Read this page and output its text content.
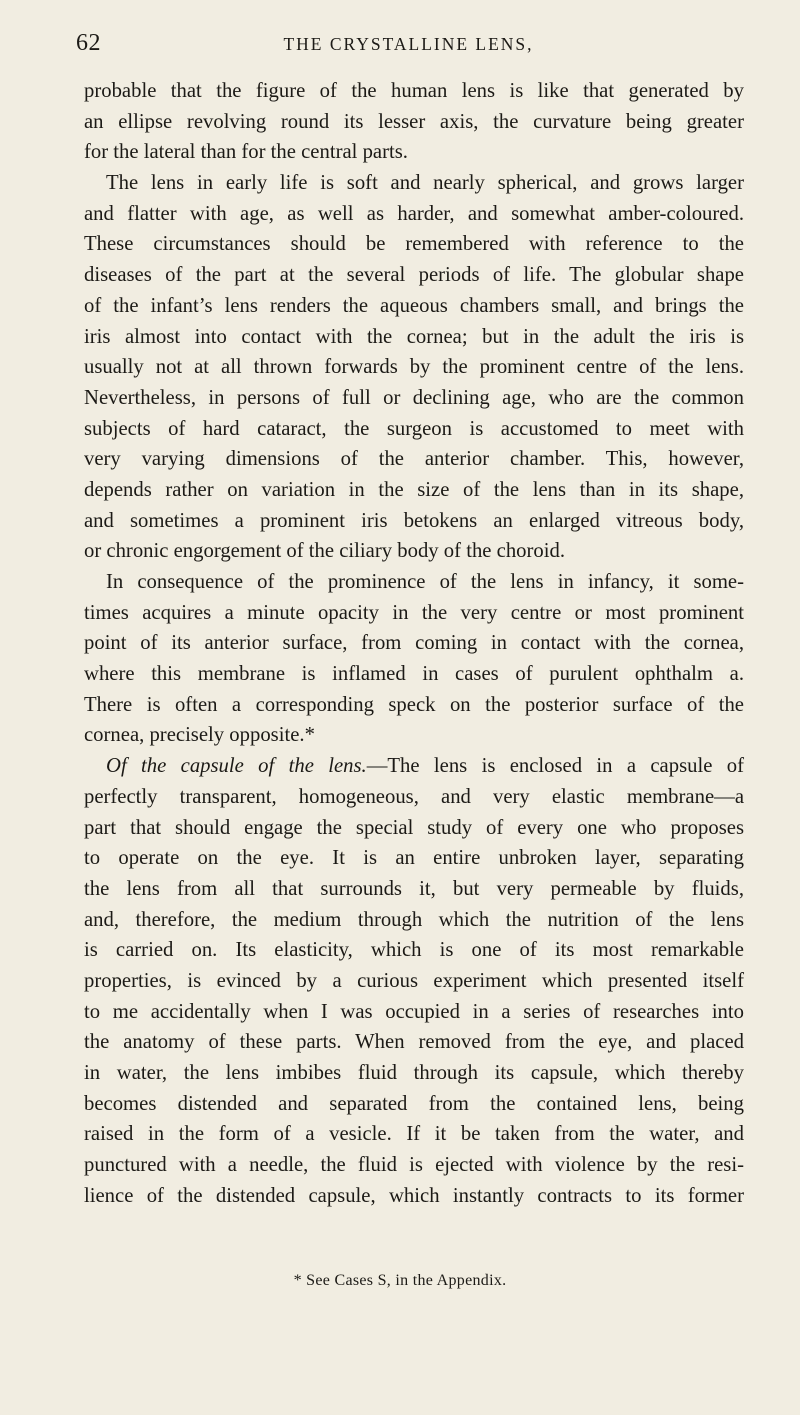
62	THE CRYSTALLINE LENS,
probable that the figure of the human lens is like that generated by
an ellipse revolving round its lesser axis, the curvature being greater
for the lateral than for the central parts.
The lens in early life is soft and nearly spherical, and grows larger
and flatter with age, as well as harder, and somewhat amber-coloured.
These circumstances should be remembered with reference to the
diseases of the part at the several periods of life. The globular shape
of the infant’s lens renders the aqueous chambers small, and brings the
iris almost into contact with the cornea; but in the adult the iris is
usually not at all thrown forwards by the prominent centre of the lens.
Nevertheless, in persons of full or declining age, who are the common
subjects of hard cataract, the surgeon is accustomed to meet with
very varying dimensions of the anterior chamber. This, however,
depends rather on variation in the size of the lens than in its shape,
and sometimes a prominent iris betokens an enlarged vitreous body,
or chronic engorgement of the ciliary body of the choroid.
In consequence of the prominence of the lens in infancy, it some-
times acquires a minute opacity in the very centre or most prominent
point of its anterior surface, from coming in contact with the cornea,
where this membrane is inflamed in cases of purulent ophthalm a.
There is often a corresponding speck on the posterior surface of the
cornea, precisely opposite.*
Of the capsule of the lens.—The lens is enclosed in a capsule of
perfectly transparent, homogeneous, and very elastic membrane—a
part that should engage the special study of every one who proposes
to operate on the eye. It is an entire unbroken layer, separating
the lens from all that surrounds it, but very permeable by fluids,
and, therefore, the medium through which the nutrition of the lens
is carried on. Its elasticity, which is one of its most remarkable
properties, is evinced by a curious experiment which presented itself
to me accidentally when I was occupied in a series of researches into
the anatomy of these parts. When removed from the eye, and placed
in water, the lens imbibes fluid through its capsule, which thereby
becomes distended and separated from the contained lens, being
raised in the form of a vesicle. If it be taken from the water, and
punctured with a needle, the fluid is ejected with violence by the resi-
lience of the distended capsule, which instantly contracts to its former
* See Cases S, in the Appendix.
